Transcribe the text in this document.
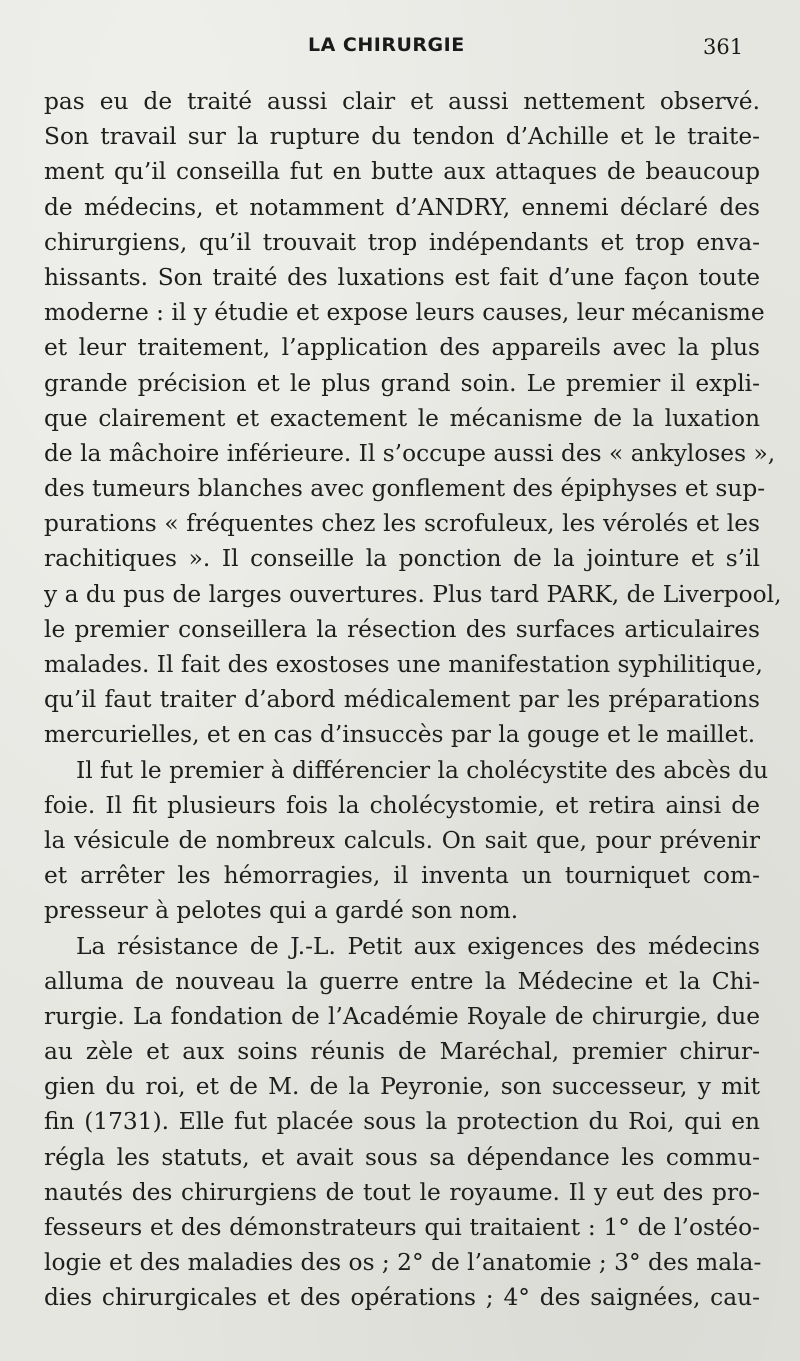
LA CHIRURGIE	361
pas eu de traité aussi clair et aussi nettement observé.
Son travail sur la rupture du tendon d’Achille et le traite-
ment qu’il conseilla fut en butte aux attaques de beaucoup
de médecins, et notamment d’ANDRY, ennemi déclaré des
chirurgiens, qu’il trouvait trop indépendants et trop enva-
hissants. Son traité des luxations est fait d’une façon toute
moderne : il y étudie et expose leurs causes, leur mécanisme
et leur traitement, l’application des appareils avec la plus
grande précision et le plus grand soin. Le premier il expli-
que clairement et exactement le mécanisme de la luxation
de la mâchoire inférieure. Il s’occupe aussi des « ankyloses »,
des tumeurs blanches avec gonflement des épiphyses et sup-
purations « fréquentes chez les scrofuleux, les vérolés et les
rachitiques ». Il conseille la ponction de la jointure et s’il
y a du pus de larges ouvertures. Plus tard PARK, de Liverpool,
le premier conseillera la résection des surfaces articulaires
malades. Il fait des exostoses une manifestation syphilitique,
qu’il faut traiter d’abord médicalement par les préparations
mercurielles, et en cas d’insuccès par la gouge et le maillet.
Il fut le premier à différencier la cholécystite des abcès du
foie. Il fit plusieurs fois la cholécystomie, et retira ainsi de
la vésicule de nombreux calculs. On sait que, pour prévenir
et arrêter les hémorragies, il inventa un tourniquet com-
presseur à pelotes qui a gardé son nom.
La résistance de J.-L. Petit aux exigences des médecins
alluma de nouveau la guerre entre la Médecine et la Chi-
rurgie. La fondation de l’Académie Royale de chirurgie, due
au zèle et aux soins réunis de Maréchal, premier chirur-
gien du roi, et de M. de la Peyronie, son successeur, y mit
fin (1731). Elle fut placée sous la protection du Roi, qui en
régla les statuts, et avait sous sa dépendance les commu-
nautés des chirurgiens de tout le royaume. Il y eut des pro-
fesseurs et des démonstrateurs qui traitaient : 1° de l’ostéo-
logie et des maladies des os ; 2° de l’anatomie ; 3° des mala-
dies chirurgicales et des opérations ; 4° des saignées, cau-
